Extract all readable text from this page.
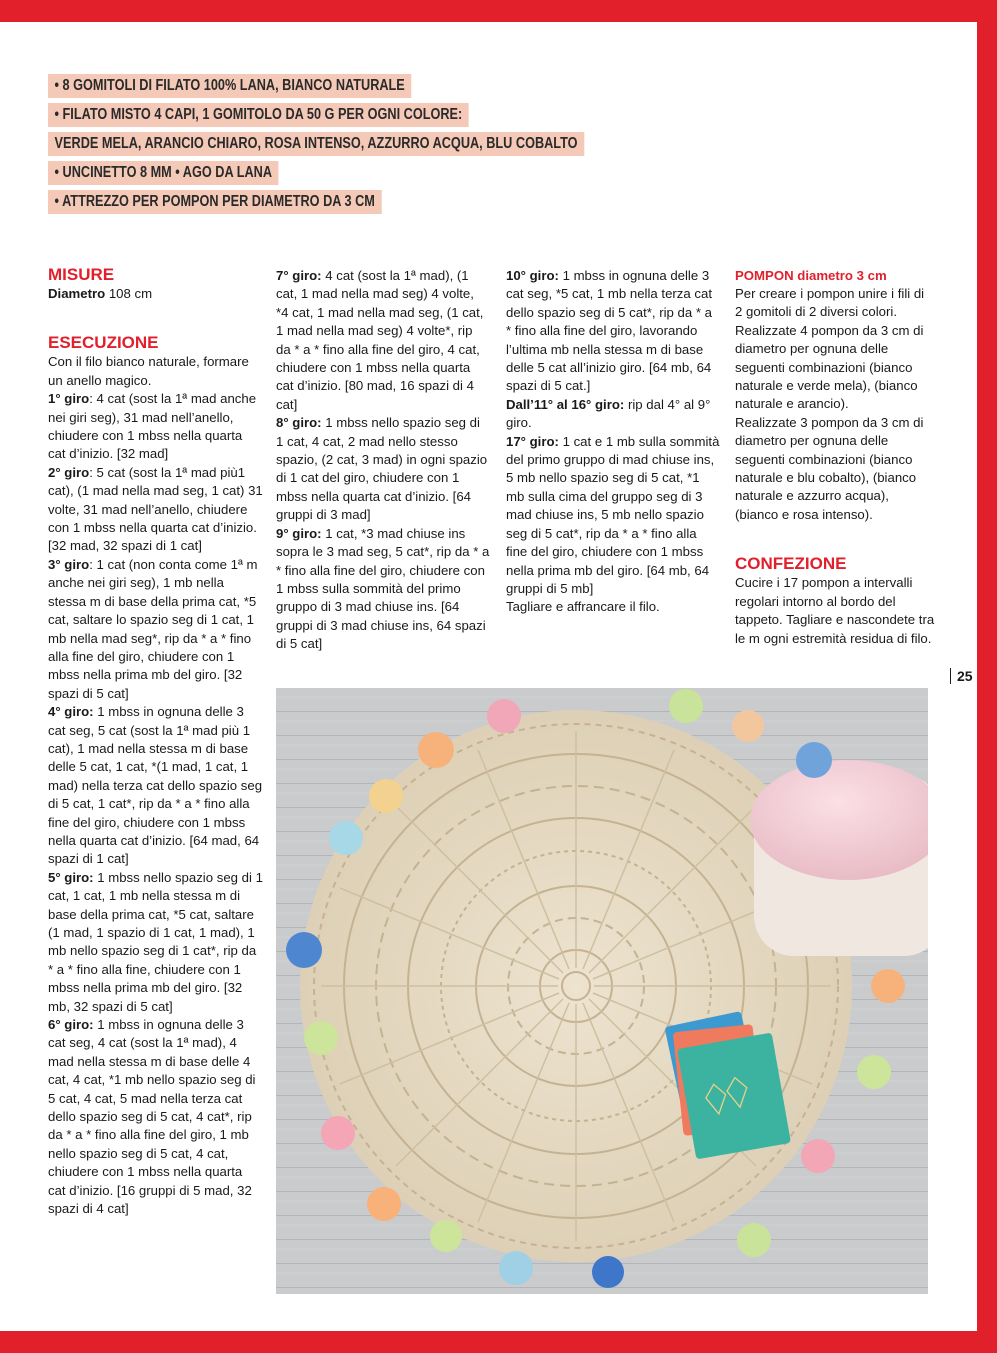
• 8 GOMITOLI DI FILATO 100% LANA, BIANCO NATURALE
• FILATO MISTO 4 CAPI, 1 GOMITOLO DA 50 G PER OGNI COLORE:
VERDE MELA, ARANCIO CHIARO, ROSA INTENSO, AZZURRO ACQUA, BLU COBALTO
• UNCINETTO 8 MM • AGO DA LANA
• ATTREZZO PER POMPON PER DIAMETRO DA 3 CM

MISURE

Diametro 108 cm

ESECUZIONE

Con il filo bianco naturale, formare un anello magico.

1° giro: 4 cat (sost la 1ª mad anche nei giri seg), 31 mad nell’anello, chiudere con 1 mbss nella quarta cat d’inizio. [32 mad]

2° giro: 5 cat (sost la 1ª mad più1 cat), (1 mad nella mad seg, 1 cat) 31 volte, 31 mad nell’anello, chiudere con 1 mbss nella quarta cat d’inizio. [32 mad, 32 spazi di 1 cat]

3° giro: 1 cat (non conta come 1ª m anche nei giri seg), 1 mb nella stessa m di base della prima cat, *5 cat, saltare lo spazio seg di 1 cat, 1 mb nella mad seg*, rip da * a * fino alla fine del giro, chiudere con 1 mbss nella prima mb del giro. [32 spazi di 5 cat]

4° giro: 1 mbss in ognuna delle 3 cat seg, 5 cat (sost la 1ª mad più 1 cat), 1 mad nella stessa m di base delle 5 cat, 1 cat, *(1 mad, 1 cat, 1 mad) nella terza cat dello spazio seg di 5 cat, 1 cat*, rip da * a * fino alla fine del giro, chiudere con 1 mbss nella quarta cat d’inizio. [64 mad, 64 spazi di 1 cat]

5° giro: 1 mbss nello spazio seg di 1 cat, 1 cat, 1 mb nella stessa m di base della prima cat, *5 cat, saltare (1 mad, 1 spazio di 1 cat, 1 mad), 1 mb nello spazio seg di 1 cat*, rip da * a * fino alla fine, chiudere con 1 mbss nella prima mb del giro. [32 mb, 32 spazi di 5 cat]

6° giro: 1 mbss in ognuna delle 3 cat seg, 4 cat (sost la 1ª mad), 4 mad nella stessa m di base delle 4 cat, 4 cat, *1 mb nello spazio seg di 5 cat, 4 cat, 5 mad nella terza cat dello spazio seg di 5 cat, 4 cat*, rip da * a * fino alla fine del giro, 1 mb nello spazio seg di 5 cat, 4 cat, chiudere con 1 mbss nella quarta cat d’inizio. [16 gruppi di 5 mad, 32 spazi di 4 cat]

7° giro: 4 cat (sost la 1ª mad), (1 cat, 1 mad nella mad seg) 4 volte, *4 cat, 1 mad nella mad seg, (1 cat, 1 mad nella mad seg) 4 volte*, rip da * a * fino alla fine del giro, 4 cat, chiudere con 1 mbss nella quarta cat d’inizio. [80 mad, 16 spazi di 4 cat]

8° giro: 1 mbss nello spazio seg di 1 cat, 4 cat, 2 mad nello stesso spazio, (2 cat, 3 mad) in ogni spazio di 1 cat del giro, chiudere con 1 mbss nella quarta cat d’inizio. [64 gruppi di 3 mad]

9° giro: 1 cat, *3 mad chiuse ins sopra le 3 mad seg, 5 cat*, rip da * a * fino alla fine del giro, chiudere con 1 mbss sulla sommità del primo gruppo di 3 mad chiuse ins. [64 gruppi di 3 mad chiuse ins, 64 spazi di 5 cat]

10° giro: 1 mbss in ognuna delle 3 cat seg, *5 cat, 1 mb nella terza cat dello spazio seg di 5 cat*, rip da * a * fino alla fine del giro, lavorando l’ultima mb nella stessa m di base delle 5 cat all’inizio giro. [64 mb, 64 spazi di 5 cat.]

Dall’11° al 16° giro: rip dal 4° al 9° giro.

17° giro: 1 cat e 1 mb sulla sommità del primo gruppo di mad chiuse ins, 5 mb nello spazio seg di 5 cat, *1 mb sulla cima del gruppo seg di 3 mad chiuse ins, 5 mb nello spazio seg di 5 cat*, rip da * a * fino alla fine del giro, chiudere con 1 mbss nella prima mb del giro. [64 mb, 64 gruppi di 5 mb]

Tagliare e affrancare il filo.

POMPON diametro 3 cm

Per creare i pompon unire i fili di 2 gomitoli di 2 diversi colori. Realizzate 4 pompon da 3 cm di diametro per ognuna delle seguenti combinazioni (bianco naturale e verde mela), (bianco naturale e arancio).

Realizzate 3 pompon da 3 cm di diametro per ognuna delle seguenti combinazioni (bianco naturale e blu cobalto), (bianco naturale e azzurro acqua), (bianco e rosa intenso).

CONFEZIONE

Cucire i 17 pompon a intervalli regolari intorno al bordo del tappeto. Tagliare e nascondete tra le m ogni estremità residua di filo.

25
